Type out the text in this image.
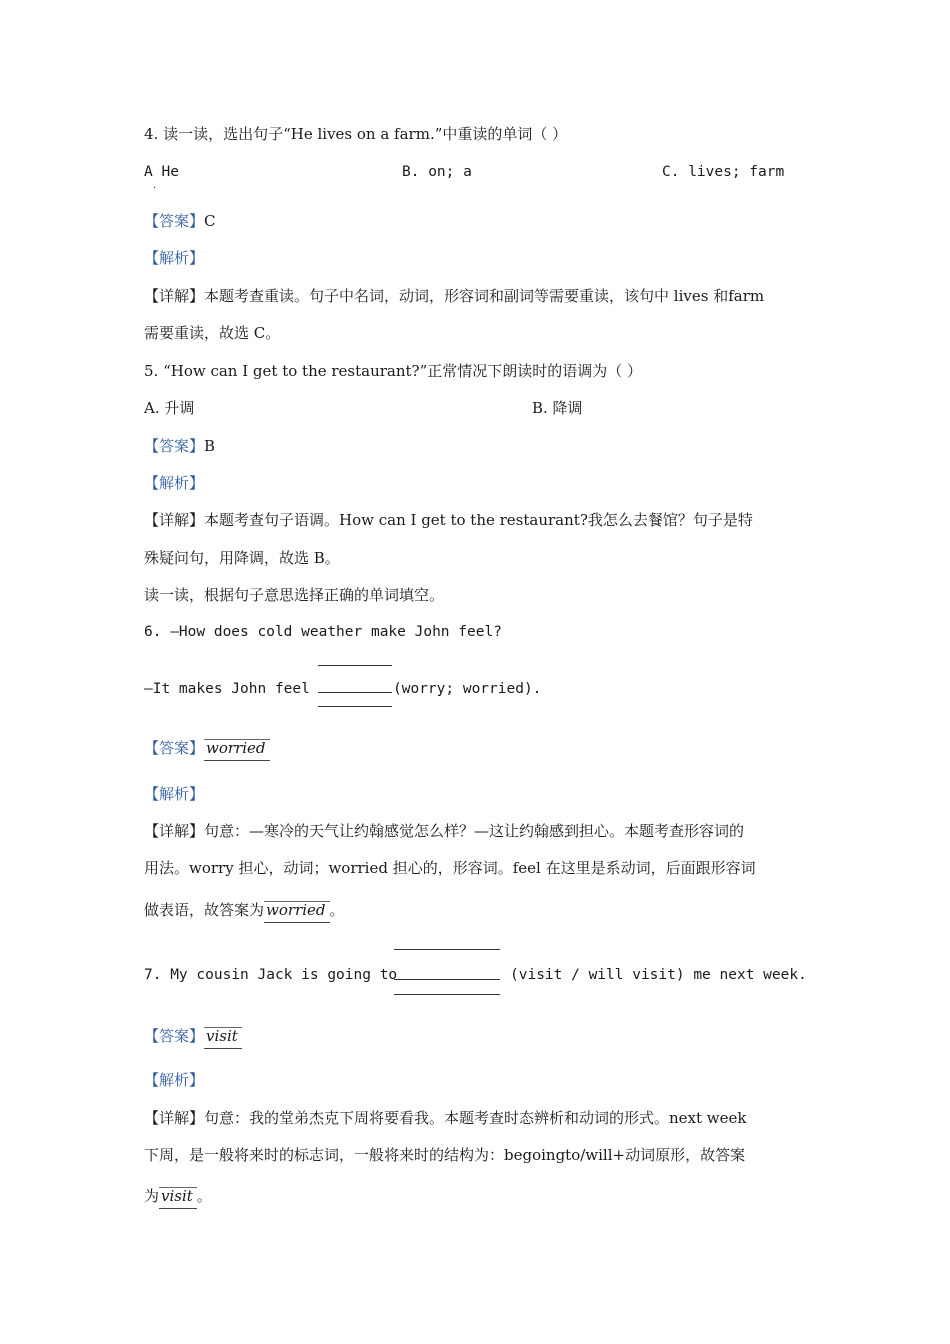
4. 读一读，选出句子“He lives on a farm.”中重读的单词（ ）
A He
·
B. on; a	C. lives; farm
【答案】C
【解析】
【详解】本题考查重读。句子中名词，动词，形容词和副词等需要重读，该句中 lives 和farm
需要重读，故选 C。
5. “How can I get to the restaurant?”正常情况下朗读时的语调为（ ）
A. 升调	B. 降调
【答案】B
【解析】
【详解】本题考查句子语调。How can I get to the restaurant?我怎么去餐馆？句子是特
殊疑问句，用降调，故选 B。
读一读，根据句子意思选择正确的单词填空。
6. —How does cold weather make John feel?
—It makes John feel	(worry; worried).
【答案】 worried
【解析】
【详解】句意：—寒冷的天气让约翰感觉怎么样？—这让约翰感到担心。本题考查形容词的
用法。worry 担心，动词；worried 担心的，形容词。feel 在这里是系动词，后面跟形容词
做表语，故答案为 worried 。
7. My cousin Jack is going to	(visit / will visit) me next week.
【答案】 visit
【解析】
【详解】句意：我的堂弟杰克下周将要看我。本题考查时态辨析和动词的形式。next week
下周，是一般将来时的标志词，一般将来时的结构为：begoingto/will+动词原形，故答案
为 visit 。
